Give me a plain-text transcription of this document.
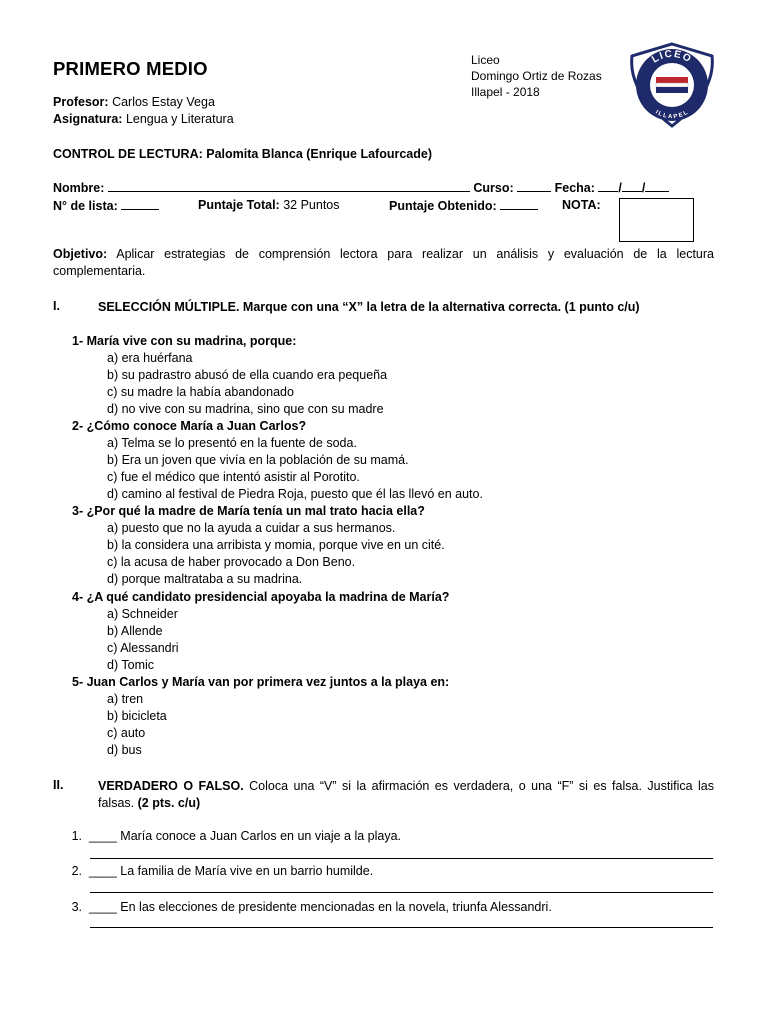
PRIMERO MEDIO	Liceo
Domingo Ortiz de Rozas
Illapel - 2018
LICEO
ILLAPEL
Profesor: Carlos Estay Vega
Asignatura: Lengua y Literatura
CONTROL DE LECTURA: Palomita Blanca (Enrique Lafourcade)
Nombre:	Curso:	Fecha: / /
N° de lista:	Puntaje Total: 32 Puntos	Puntaje Obtenido:	NOTA:
Objetivo: Aplicar estrategias de comprensión lectora para realizar un análisis y evaluación de la lectura complementaria.
I.	SELECCIÓN MÚLTIPLE. Marque con una “X” la letra de la alternativa correcta. (1 punto c/u)
1- María vive con su madrina, porque:
a) era huérfana
b) su padrastro abusó de ella cuando era pequeña
c) su madre la había abandonado
d) no vive con su madrina, sino que con su madre
2- ¿Cómo conoce María a Juan Carlos?
a) Telma se lo presentó en la fuente de soda.
b) Era un joven que vivía en la población de su mamá.
c) fue el médico que intentó asistir al Porotito.
d) camino al festival de Piedra Roja, puesto que él las llevó en auto.
3- ¿Por qué la madre de María tenía un mal trato hacia ella?
a) puesto que no la ayuda a cuidar a sus hermanos.
b) la considera una arribista y momia, porque vive en un cité.
c) la acusa de haber provocado a Don Beno.
d) porque maltrataba a su madrina.
4- ¿A qué candidato presidencial apoyaba la madrina de María?
a) Schneider
b) Allende
c) Alessandri
d) Tomic
5- Juan Carlos y María van por primera vez juntos a la playa en:
a) tren
b) bicicleta
c) auto
d) bus
II.	VERDADERO O FALSO. Coloca una “V” si la afirmación es verdadera, o una “F” si es falsa. Justifica las falsas. (2 pts. c/u)
1. ____ María conoce a Juan Carlos en un viaje a la playa.
2. ____ La familia de María vive en un barrio humilde.
3. ____ En las elecciones de presidente mencionadas en la novela, triunfa Alessandri.
